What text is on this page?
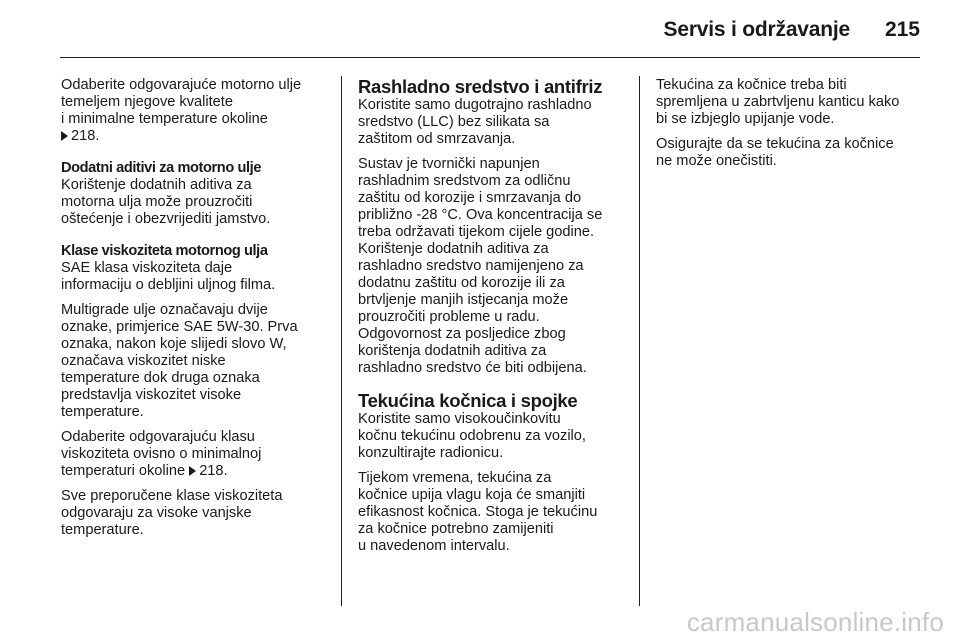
Servis i održavanje 215

Odaberite odgovarajuće motorno ulje
temeljem njegove kvalitete
i minimalne temperature okoline
218.

Dodatni aditivi za motorno ulje

Korištenje dodatnih aditiva za
motorna ulja može prouzročiti
oštećenje i obezvrijediti jamstvo.

Klase viskoziteta motornog ulja

SAE klasa viskoziteta daje
informaciju o debljini uljnog filma.

Multigrade ulje označavaju dvije
oznake, primjerice SAE 5W-30. Prva
oznaka, nakon koje slijedi slovo W,
označava viskozitet niske
temperature dok druga oznaka
predstavlja viskozitet visoke
temperature.

Odaberite odgovarajuću klasu
viskoziteta ovisno o minimalnoj
temperaturi okoline 218.

Sve preporučene klase viskoziteta
odgovaraju za visoke vanjske
temperature.

Rashladno sredstvo i antifriz

Koristite samo dugotrajno rashladno
sredstvo (LLC) bez silikata sa
zaštitom od smrzavanja.

Sustav je tvornički napunjen
rashladnim sredstvom za odličnu
zaštitu od korozije i smrzavanja do
približno -28 °C. Ova koncentracija se
treba održavati tijekom cijele godine.
Korištenje dodatnih aditiva za
rashladno sredstvo namijenjeno za
dodatnu zaštitu od korozije ili za
brtvljenje manjih istjecanja može
prouzročiti probleme u radu.
Odgovornost za posljedice zbog
korištenja dodatnih aditiva za
rashladno sredstvo će biti odbijena.

Tekućina kočnica i spojke

Koristite samo visokoučinkovitu
kočnu tekućinu odobrenu za vozilo,
konzultirajte radionicu.

Tijekom vremena, tekućina za
kočnice upija vlagu koja će smanjiti
efikasnost kočnica. Stoga je tekućinu
za kočnice potrebno zamijeniti
u navedenom intervalu.

Tekućina za kočnice treba biti
spremljena u zabrtvljenu kanticu kako
bi se izbjeglo upijanje vode.

Osigurajte da se tekućina za kočnice
ne može onečistiti.

carmanualsonline.info
